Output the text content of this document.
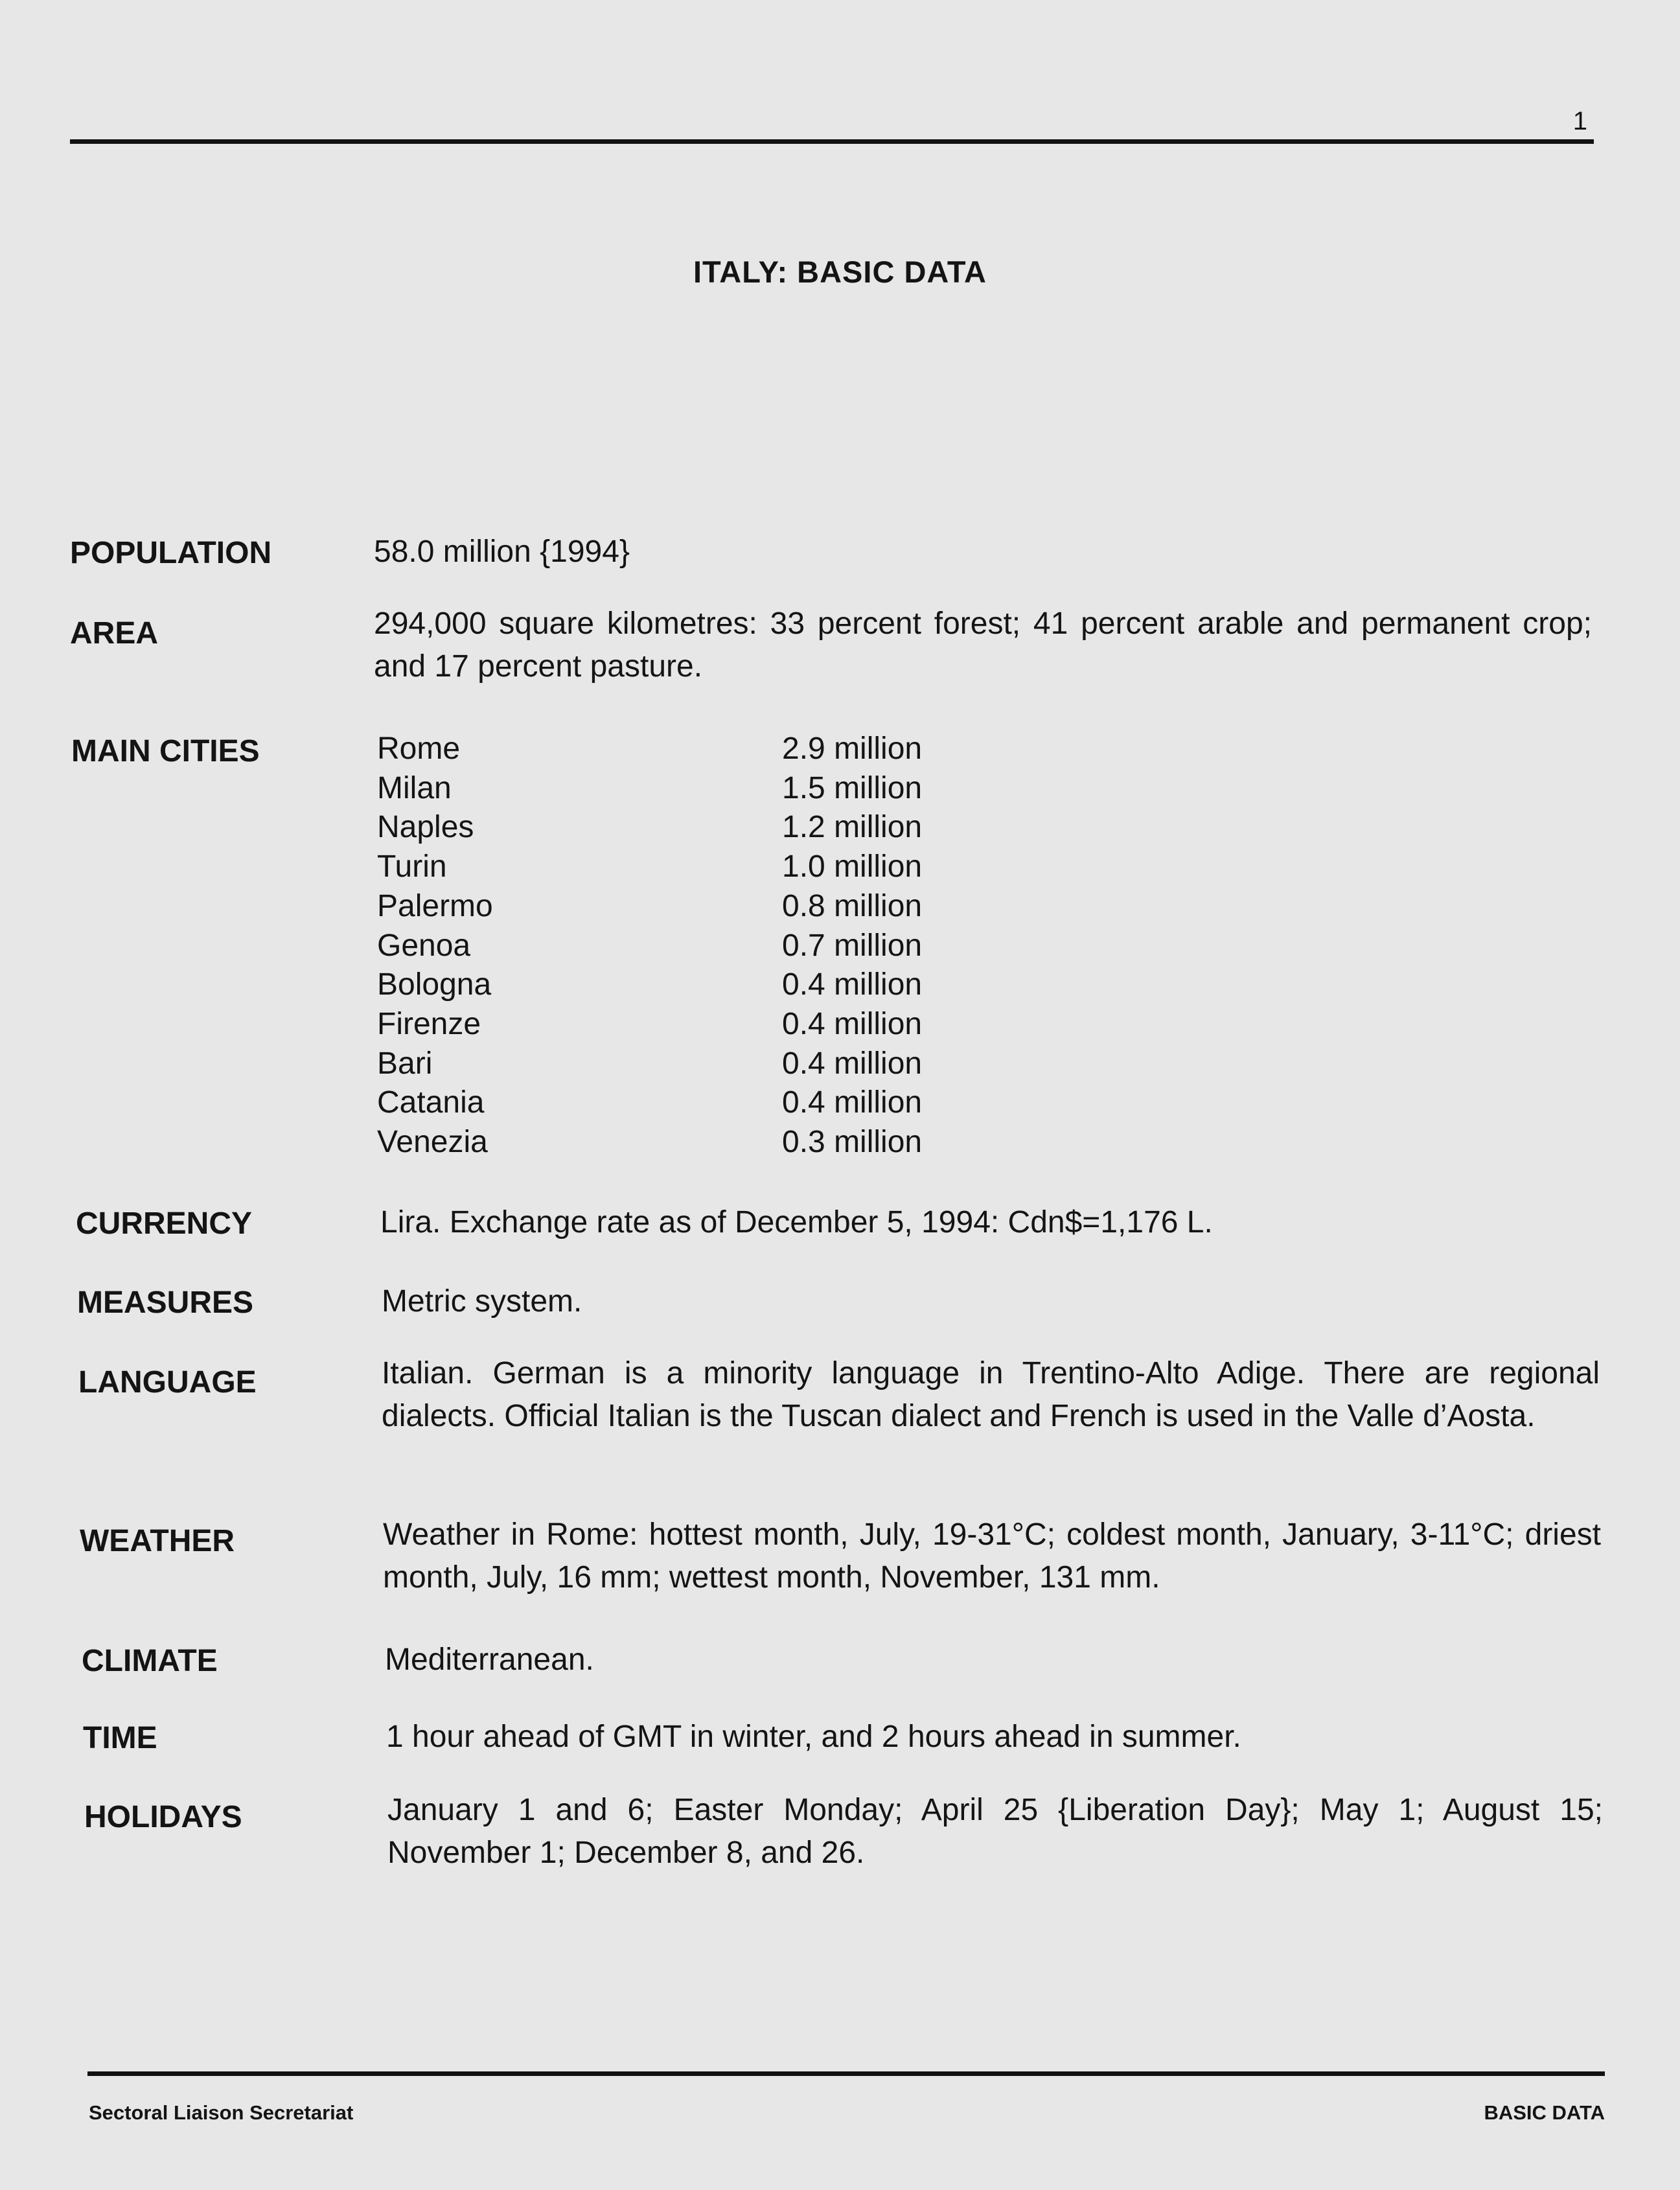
1
ITALY: BASIC DATA
POPULATION	58.0 million {1994}
AREA	294,000 square kilometres: 33 percent forest; 41 percent arable and permanent crop; and 17 percent pasture.
MAIN CITIES	Rome	2.9 million
Milan	1.5 million
Naples	1.2 million
Turin	1.0 million
Palermo	0.8 million
Genoa	0.7 million
Bologna	0.4 million
Firenze	0.4 million
Bari	0.4 million
Catania	0.4 million
Venezia	0.3 million
CURRENCY	Lira. Exchange rate as of December 5, 1994: Cdn$=1,176 L.
MEASURES	Metric system.
LANGUAGE	Italian. German is a minority language in Trentino-Alto Adige. There are regional dialects. Official Italian is the Tuscan dialect and French is used in the Valle d’Aosta.
WEATHER	Weather in Rome: hottest month, July, 19-31°C; coldest month, January, 3-11°C; driest month, July, 16 mm; wettest month, November, 131 mm.
CLIMATE	Mediterranean.
TIME	1 hour ahead of GMT in winter, and 2 hours ahead in summer.
HOLIDAYS	January 1 and 6; Easter Monday; April 25 {Liberation Day}; May 1; August 15; November 1; December 8, and 26.
Sectoral Liaison Secretariat	BASIC DATA
